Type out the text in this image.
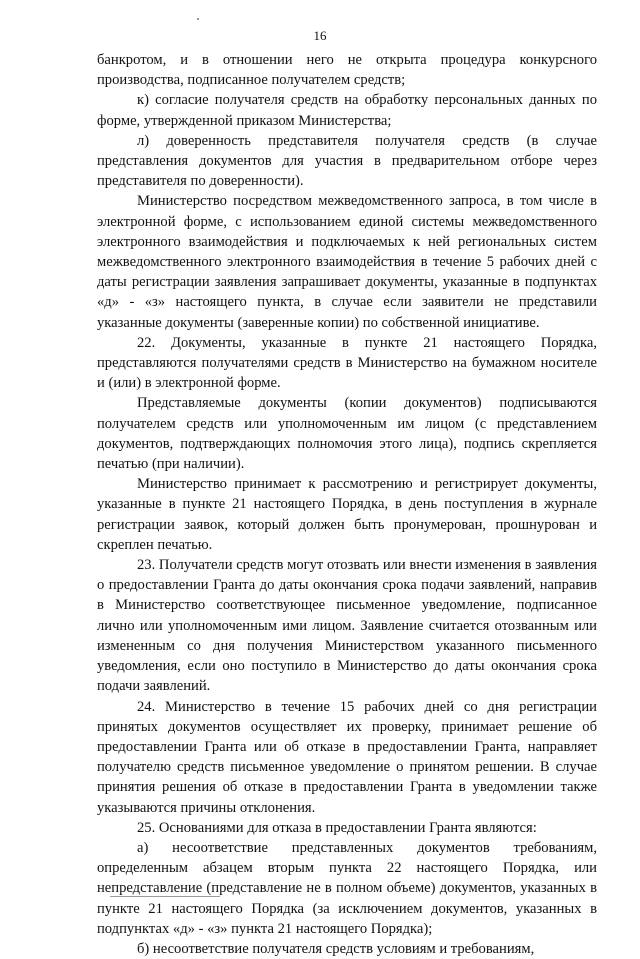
16

банкротом, и в отношении него не открыта процедура конкурсного производства, подписанное получателем средств;

к) согласие получателя средств на обработку персональных данных по форме, утвержденной приказом Министерства;

л) доверенность представителя получателя средств (в случае представления документов для участия в предварительном отборе через представителя по доверенности).

Министерство посредством межведомственного запроса, в том числе в электронной форме, с использованием единой системы межведомственного электронного взаимодействия и подключаемых к ней региональных систем межведомственного электронного взаимодействия в течение 5 рабочих дней с даты регистрации заявления запрашивает документы, указанные в подпунктах «д» - «з» настоящего пункта, в случае если заявители не представили указанные документы (заверенные копии) по собственной инициативе.

22. Документы, указанные в пункте 21 настоящего Порядка, представляются получателями средств в Министерство на бумажном носителе и (или) в электронной форме.

Представляемые документы (копии документов) подписываются получателем средств или уполномоченным им лицом (с представлением документов, подтверждающих полномочия этого лица), подпись скрепляется печатью (при наличии).

Министерство принимает к рассмотрению и регистрирует документы, указанные в пункте 21 настоящего Порядка, в день поступления в журнале регистрации заявок, который должен быть пронумерован, прошнурован и скреплен печатью.

23. Получатели средств могут отозвать или внести изменения в заявления о предоставлении Гранта до даты окончания срока подачи заявлений, направив в Министерство соответствующее письменное уведомление, подписанное лично или уполномоченным ими лицом. Заявление считается отозванным или измененным со дня получения Министерством указанного письменного уведомления, если оно поступило в Министерство до даты окончания срока подачи заявлений.

24. Министерство в течение 15 рабочих дней со дня регистрации принятых документов осуществляет их проверку, принимает решение об предоставлении Гранта или об отказе в предоставлении Гранта, направляет получателю средств письменное уведомление о принятом решении. В случае принятия решения об отказе в предоставлении Гранта в уведомлении также указываются причины отклонения.

25. Основаниями для отказа в предоставлении Гранта являются:

а) несоответствие представленных документов требованиям, определенным абзацем вторым пункта 22 настоящего Порядка, или непредставление (представление не в полном объеме) документов, указанных в пункте 21 настоящего Порядка (за исключением документов, указанных в подпунктах «д» - «з» пункта 21 настоящего Порядка);

б) несоответствие получателя средств условиям и требованиям,
